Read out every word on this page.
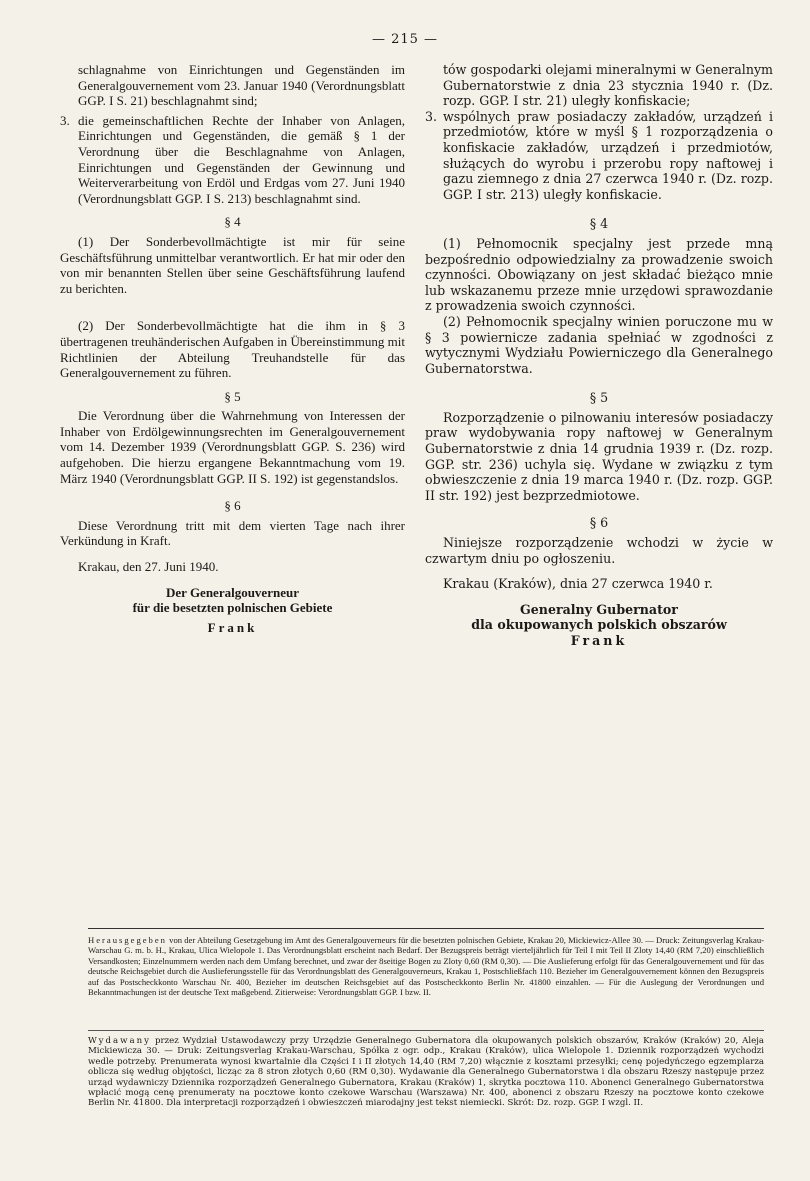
— 215 —

schlagnahme von Einrichtungen und Gegenständen im Generalgouvernement vom 23. Januar 1940 (Verordnungsblatt GGP. I S. 21) beschlagnahmt sind;

3. die gemeinschaftlichen Rechte der Inhaber von Anlagen, Einrichtungen und Gegenständen, die gemäß § 1 der Verordnung über die Beschlagnahme von Anlagen, Einrichtungen und Gegenständen der Gewinnung und Weiterverarbeitung von Erdöl und Erdgas vom 27. Juni 1940 (Verordnungsblatt GGP. I S. 213) beschlagnahmt sind.

§ 4

(1) Der Sonderbevollmächtigte ist mir für seine Geschäftsführung unmittelbar verantwortlich. Er hat mir oder den von mir benannten Stellen über seine Geschäftsführung laufend zu berichten.

(2) Der Sonderbevollmächtigte hat die ihm in § 3 übertragenen treuhänderischen Aufgaben in Übereinstimmung mit Richtlinien der Abteilung Treuhandstelle für das Generalgouvernement zu führen.

§ 5

Die Verordnung über die Wahrnehmung von Interessen der Inhaber von Erdölgewinnungsrechten im Generalgouvernement vom 14. Dezember 1939 (Verordnungsblatt GGP. S. 236) wird aufgehoben. Die hierzu ergangene Bekanntmachung vom 19. März 1940 (Verordnungsblatt GGP. II S. 192) ist gegenstandslos.

§ 6

Diese Verordnung tritt mit dem vierten Tage nach ihrer Verkündung in Kraft.

Krakau, den 27. Juni 1940.

Der Generalgouverneur

für die besetzten polnischen Gebiete

Frank

tów gospodarki olejami mineralnymi w Generalnym Gubernatorstwie z dnia 23 stycznia 1940 r. (Dz. rozp. GGP. I str. 21) uległy konfiskacie;

3. wspólnych praw posiadaczy zakładów, urządzeń i przedmiotów, które w myśl § 1 rozporządzenia o konfiskacie zakładów, urządzeń i przedmiotów, służących do wyrobu i przerobu ropy naftowej i gazu ziemnego z dnia 27 czerwca 1940 r. (Dz. rozp. GGP. I str. 213) uległy konfiskacie.

§ 4

(1) Pełnomocnik specjalny jest przede mną bezpośrednio odpowiedzialny za prowadzenie swoich czynności. Obowiązany on jest składać bieżąco mnie lub wskazanemu przeze mnie urzędowi sprawozdanie z prowadzenia swoich czynności.

(2) Pełnomocnik specjalny winien poruczone mu w § 3 powiernicze zadania spełniać w zgodności z wytycznymi Wydziału Powierniczego dla Generalnego Gubernatorstwa.

§ 5

Rozporządzenie o pilnowaniu interesów posiadaczy praw wydobywania ropy naftowej w Generalnym Gubernatorstwie z dnia 14 grudnia 1939 r. (Dz. rozp. GGP. str. 236) uchyla się. Wydane w związku z tym obwieszczenie z dnia 19 marca 1940 r. (Dz. rozp. GGP. II str. 192) jest bezprzedmiotowe.

§ 6

Niniejsze rozporządzenie wchodzi w życie w czwartym dniu po ogłoszeniu.

Krakau (Kraków), dnia 27 czerwca 1940 r.

Generalny Gubernator

dla okupowanych polskich obszarów

Frank

Herausgegeben von der Abteilung Gesetzgebung im Amt des Generalgouverneurs für die besetzten polnischen Gebiete, Krakau 20, Mickiewicz-Allee 30. — Druck: Zeitungsverlag Krakau-Warschau G. m. b. H., Krakau, Ulica Wielopole 1. Das Verordnungsblatt erscheint nach Bedarf. Der Bezugspreis beträgt vierteljährlich für Teil I mit Teil II Zloty 14,40 (RM 7,20) einschließlich Versandkosten; Einzelnummern werden nach dem Umfang berechnet, und zwar der 8seitige Bogen zu Zloty 0,60 (RM 0,30). — Die Auslieferung erfolgt für das Generalgouvernement und für das deutsche Reichsgebiet durch die Auslieferungsstelle für das Verordnungsblatt des Generalgouverneurs, Krakau 1, Postschließfach 110. Bezieher im Generalgouvernement können den Bezugspreis auf das Postscheckkonto Warschau Nr. 400, Bezieher im deutschen Reichsgebiet auf das Postscheckkonto Berlin Nr. 41800 einzahlen. — Für die Auslegung der Verordnungen und Bekanntmachungen ist der deutsche Text maßgebend. Zitierweise: Verordnungsblatt GGP. I bzw. II.
Wydawany przez Wydział Ustawodawczy przy Urzędzie Generalnego Gubernatora dla okupowanych polskich obszarów, Kraków (Kraków) 20, Aleja Mickiewicza 30. — Druk: Zeitungsverlag Krakau-Warschau, Spółka z ogr. odp., Krakau (Kraków), ulica Wielopole 1. Dziennik rozporządzeń wychodzi wedle potrzeby. Prenumerata wynosi kwartalnie dla Części I i II złotych 14,40 (RM 7,20) włącznie z kosztami przesyłki; cenę pojedyńczego egzemplarza oblicza się według objętości, licząc za 8 stron złotych 0,60 (RM 0,30). Wydawanie dla Generalnego Gubernatorstwa i dla obszaru Rzeszy następuje przez urząd wydawniczy Dziennika rozporządzeń Generalnego Gubernatora, Krakau (Kraków) 1, skrytka pocztowa 110. Abonenci Generalnego Gubernatorstwa wpłacić mogą cenę prenumeraty na pocztowe konto czekowe Warschau (Warszawa) Nr. 400, abonenci z obszaru Rzeszy na pocztowe konto czekowe Berlin Nr. 41800. Dla interpretacji rozporządzeń i obwieszczeń miarodajny jest tekst niemiecki. Skrót: Dz. rozp. GGP. I wzgl. II.
